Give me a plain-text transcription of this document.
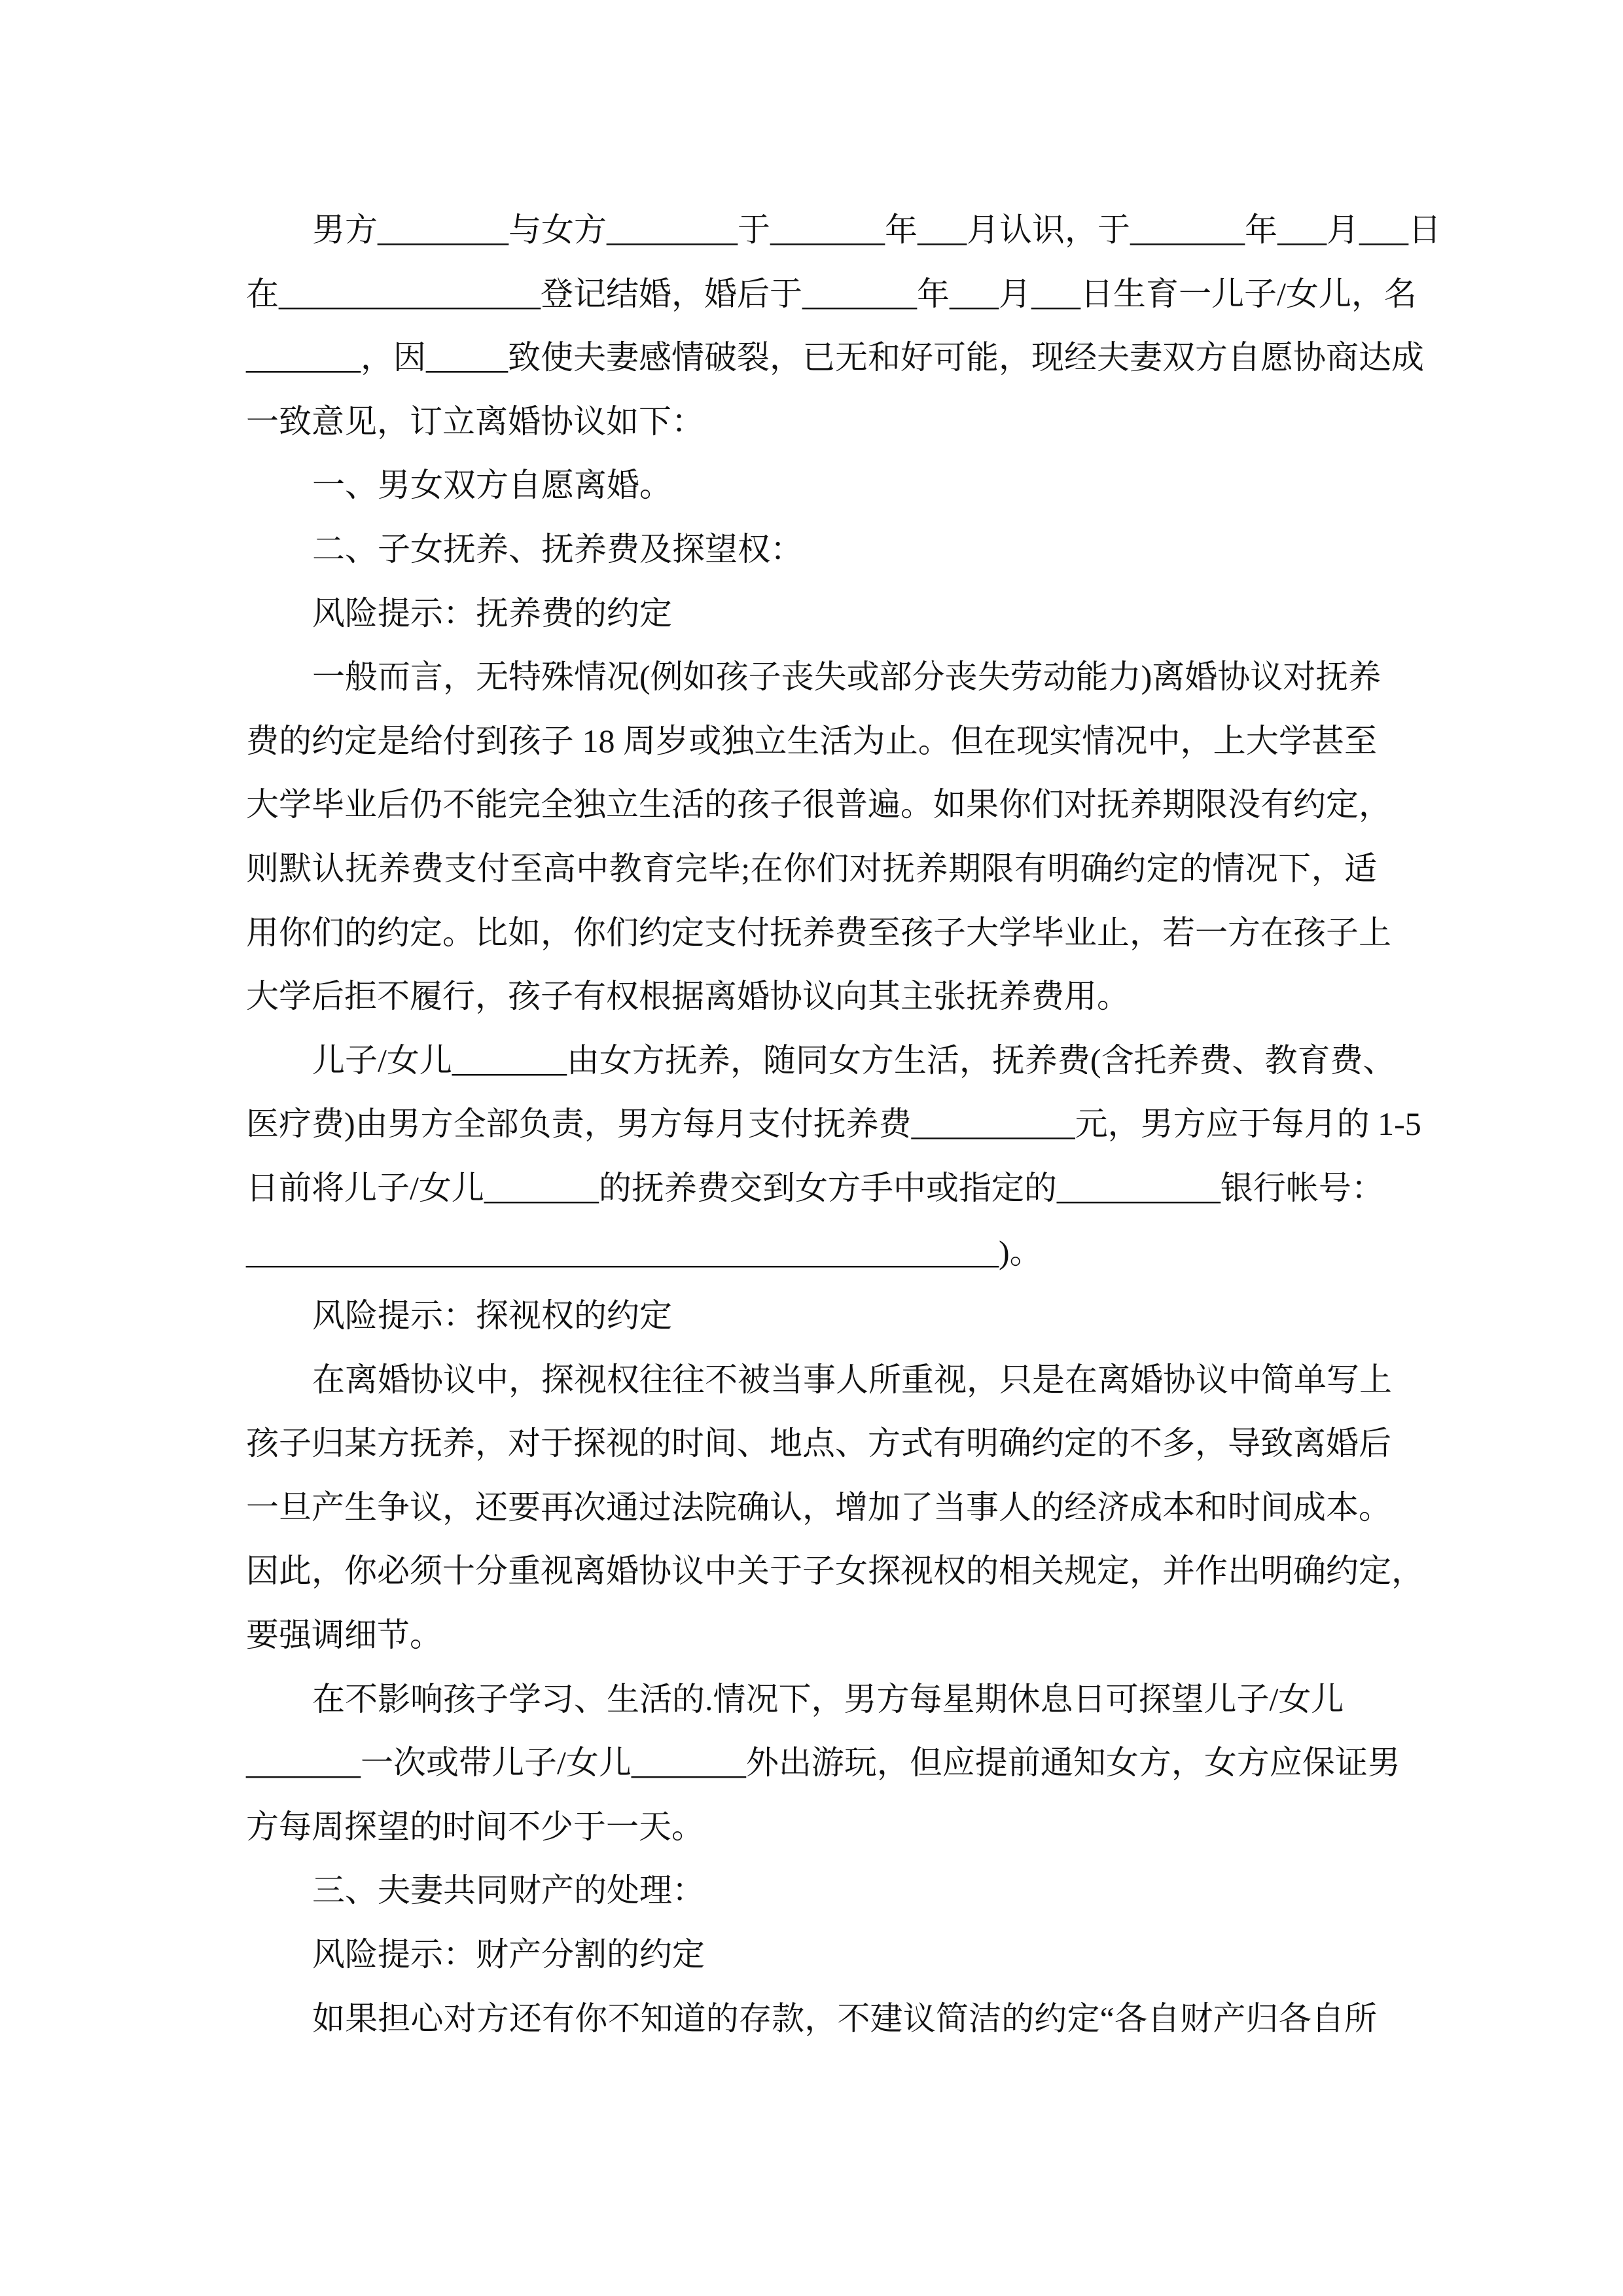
男方________与女方________于_______年___月认识，于_______年___月___日
在________________登记结婚，婚后于_______年___月___日生育一儿子/女儿，名
_______，因_____致使夫妻感情破裂，已无和好可能，现经夫妻双方自愿协商达成
一致意见，订立离婚协议如下：
一、男女双方自愿离婚。
二、子女抚养、抚养费及探望权：
风险提示：抚养费的约定
一般而言，无特殊情况(例如孩子丧失或部分丧失劳动能力)离婚协议对抚养
费的约定是给付到孩子 18 周岁或独立生活为止。但在现实情况中，上大学甚至
大学毕业后仍不能完全独立生活的孩子很普遍。如果你们对抚养期限没有约定，
则默认抚养费支付至高中教育完毕;在你们对抚养期限有明确约定的情况下，适
用你们的约定。比如，你们约定支付抚养费至孩子大学毕业止，若一方在孩子上
大学后拒不履行，孩子有权根据离婚协议向其主张抚养费用。
儿子/女儿_______由女方抚养，随同女方生活，抚养费(含托养费、教育费、
医疗费)由男方全部负责，男方每月支付抚养费__________元，男方应于每月的 1-5
日前将儿子/女儿_______的抚养费交到女方手中或指定的__________银行帐号：
______________________________________________)。
风险提示：探视权的约定
在离婚协议中，探视权往往不被当事人所重视，只是在离婚协议中简单写上
孩子归某方抚养，对于探视的时间、地点、方式有明确约定的不多，导致离婚后
一旦产生争议，还要再次通过法院确认，增加了当事人的经济成本和时间成本。
因此，你必须十分重视离婚协议中关于子女探视权的相关规定，并作出明确约定，
要强调细节。
在不影响孩子学习、生活的.情况下，男方每星期休息日可探望儿子/女儿
_______一次或带儿子/女儿_______外出游玩，但应提前通知女方，女方应保证男
方每周探望的时间不少于一天。
三、夫妻共同财产的处理：
风险提示：财产分割的约定
如果担心对方还有你不知道的存款，不建议简洁的约定“各自财产归各自所
